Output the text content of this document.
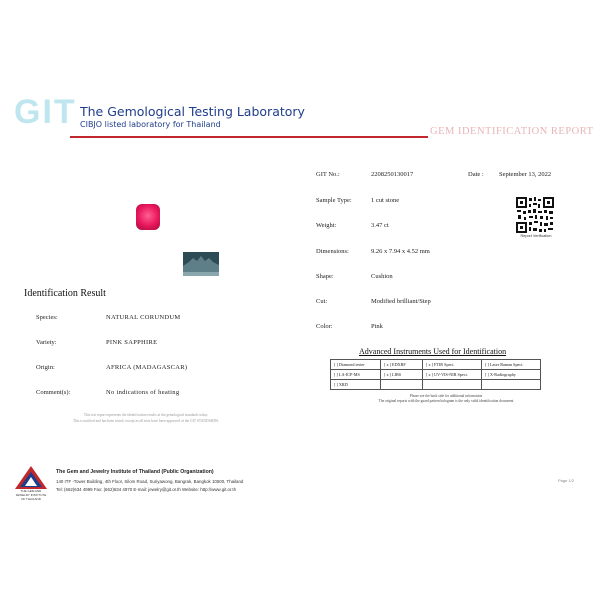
GIT The Gemological Testing Laboratory
CIBJO listed laboratory for Thailand
GEM IDENTIFICATION REPORT
Identification Result
Species:	NATURAL CORUNDUM
Variety:	PINK SAPPHIRE
Origin:	AFRICA (MADAGASCAR)
Comment(s):	No indications of heating
This test report represents the identification results at the gemological standards today.
This is notified and has been tested, except as all tests have been approved of the GIT STANDARDS.
GIT No.:	2208250130017	Date : September 13, 2022
Sample Type:	1 cut stone
Weight:	3.47 ct
Dimensions:	9.26 x 7.94 x 4.52 mm
Shape:	Cushion
Cut:	Modified brilliant/Step
Color:	Pink
Report Verification
Advanced Instruments Used for Identification
[ ] Diamond tester	[ x ] EDXRF	[ x ] FTIR Spect.	[ ] Laser Raman Spect.
[ ] LA-ICP-MS	[ x ] LIBS	[ x ] UV-VIS-NIR Spect.	[ ] X-Radiography
[ ] XRD			
Please see the back side for additional information
The original reports with the guard pattern hologram is the only valid identification document
THE GEM AND JEWELRY INSTITUTE OF THAILAND
The Gem and Jewelry Institute of Thailand (Public Organization)
140 ITF -Tower Building, 4th Floor, Silom Road, Suriyawong, Bangrak, Bangkok 10500, Thailand
Tel: (662)634 4999 Fax: (662)634 4970 E-mail: jewelry@git.or.th Website: http://www.git.or.th
Page 1/2
